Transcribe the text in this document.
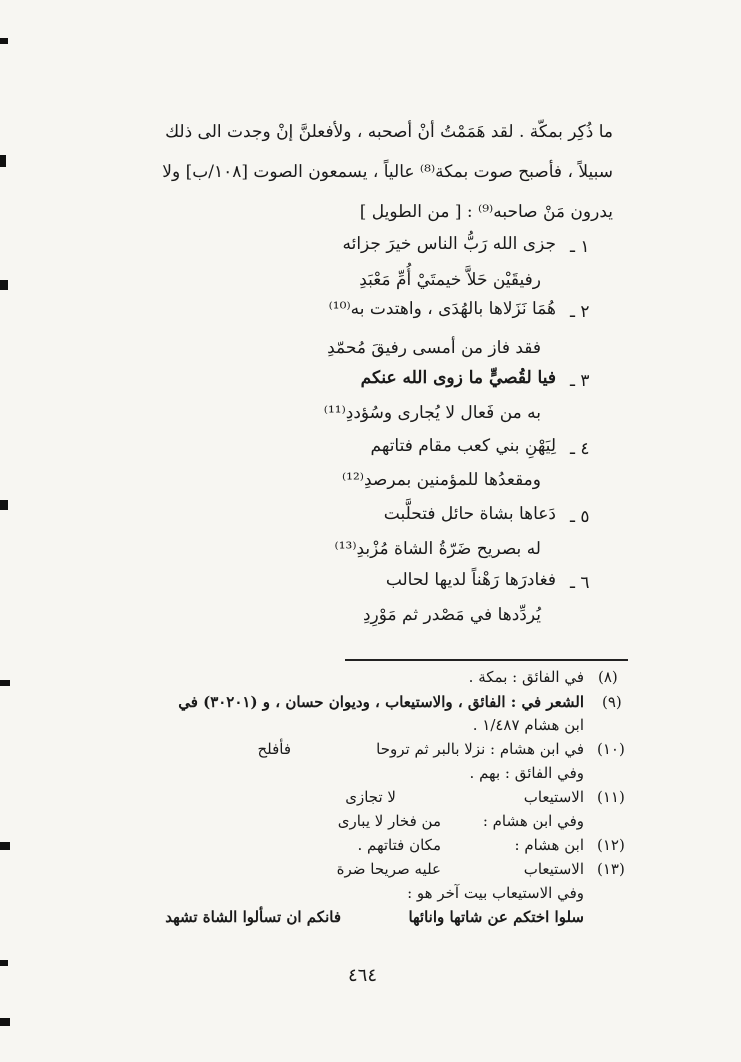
ما ذُكِر بمكّة . لقد هَمَمْتُ أنْ أصحبه ، ولأفعلنَّ إنْ وجدت الى ذلك
سبيلاً ، فأصبح صوت بمكة⁽⁸⁾ عالياً ، يسمعون الصوت [١٠٨/ب] ولا
يدرون مَنْ صاحبه⁽⁹⁾ : [ من الطويل ]
١ ـ
جزى الله رَبُّ الناس خيرَ جزائه
رفيقَيْن حَلاَّ خيمتَيْ أُمِّ مَعْبَدِ
٢ ـ
هُمَا نَزَلاها بالهُدَى ، واهتدت به⁽¹⁰⁾
فقد فاز من أمسى رفيقَ مُحمّدِ
٣ ـ
فيا لقُصيٍّ ما زوى الله عنكم
به من فَعال لا يُجارى وسُؤددِ⁽¹¹⁾
٤ ـ
لِيَهْنِ بني كعب مقام فتاتهم
ومقعدُها للمؤمنين بمرصدِ⁽¹²⁾
٥ ـ
دَعاها بشاة حائل فتحلَّبت
له بصريح ضَرّةُ الشاة مُزْبدِ⁽¹³⁾
٦ ـ
فغادرَها رَهْناً لديها لحالب
يُردِّدها في مَصْدر ثم مَوْرِدِ
(٨)
في الفائق : بمكة .
(٩)
الشعر في : الفائق ، والاستيعاب ، وديوان حسان ، و (٣٠٢٠١) في
ابن هشام ١/٤٨٧ .
(١٠)
في ابن هشام : نزلا بالبر ثم تروحا
فأفلح
وفي الفائق : بهم .
(١١)
الاستيعاب
لا تجازى
وفي ابن هشام :
من فخار لا يبارى
(١٢)
ابن هشام :
مكان فتاتهم .
(١٣)
الاستيعاب
عليه صريحا ضرة
وفي الاستيعاب بيت آخر هو :
سلوا اختكم عن شاتها وانائها
فانكم ان تسألوا الشاة تشهد
٤٦٤
